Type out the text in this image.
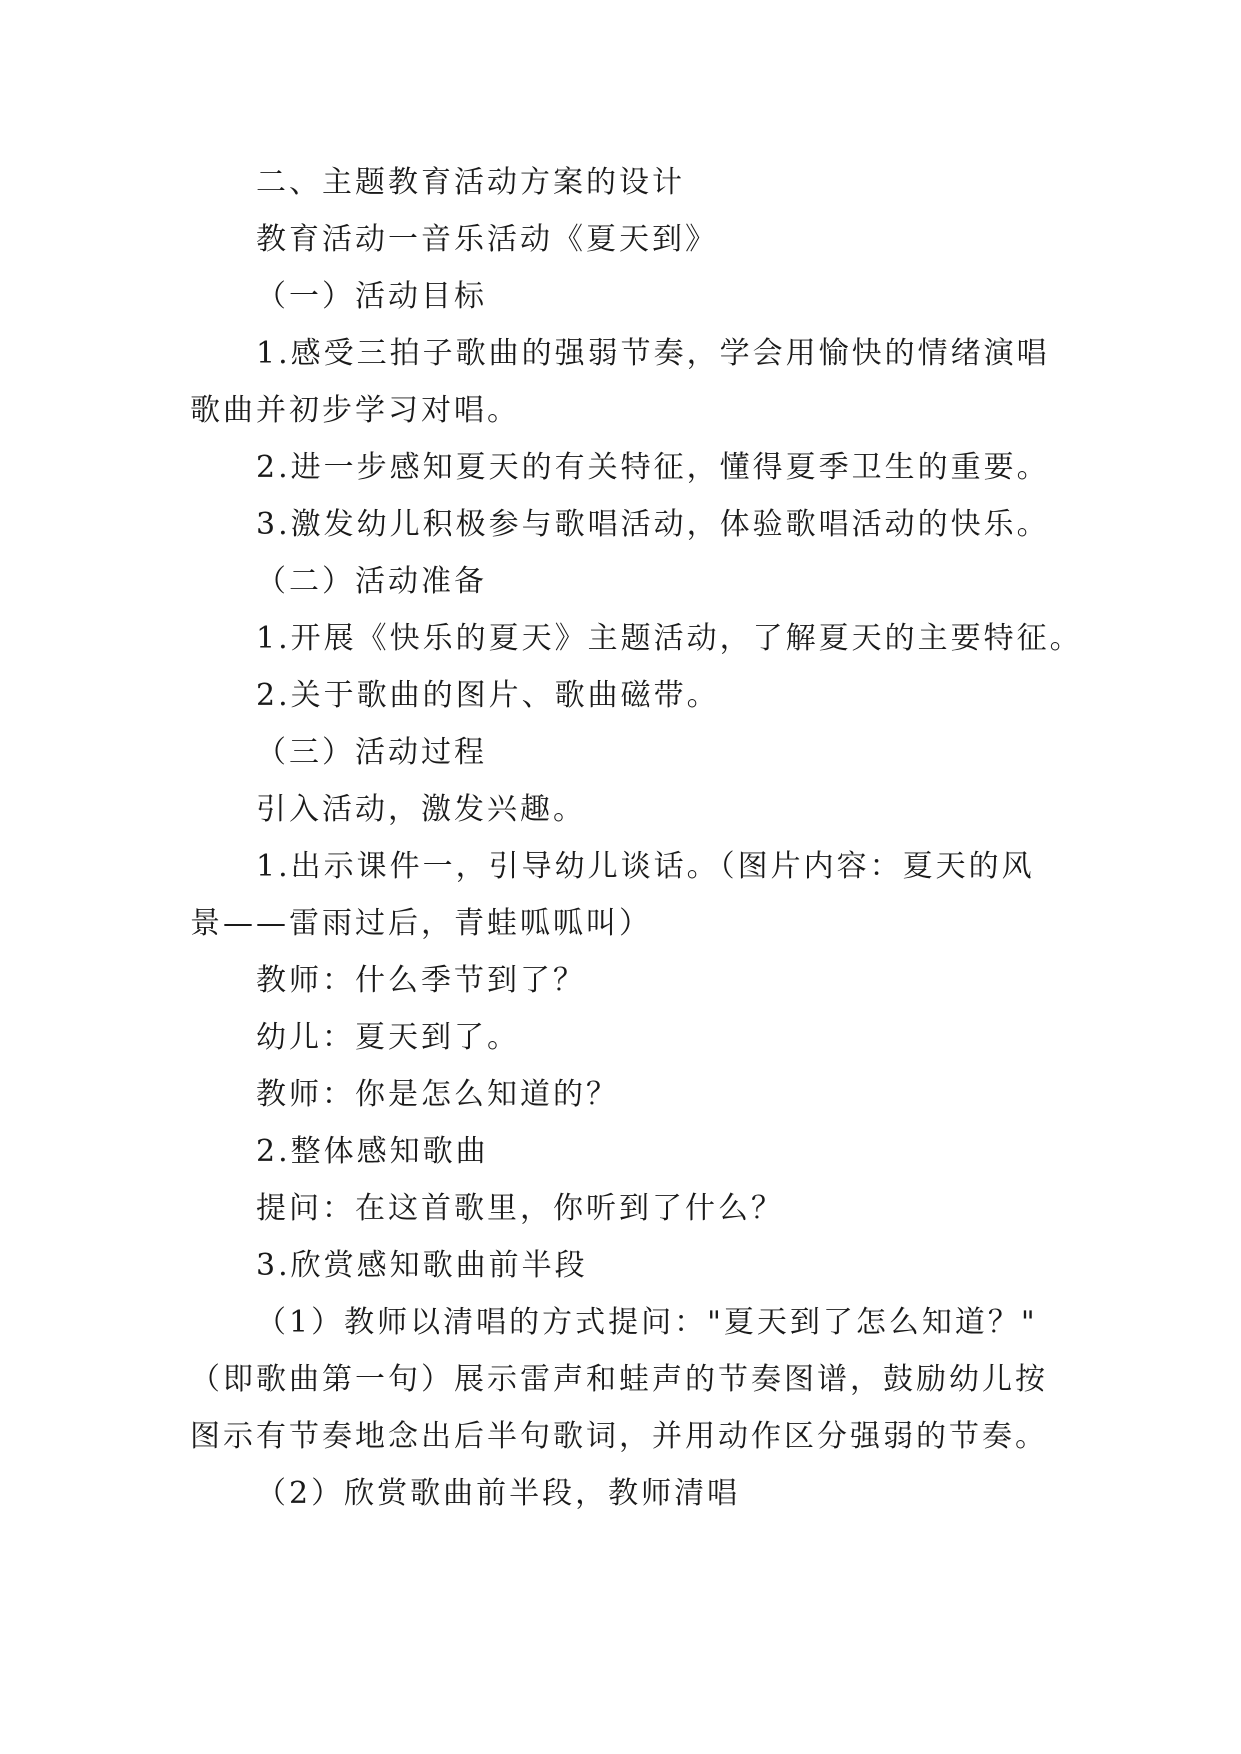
二、主题教育活动方案的设计

教育活动一音乐活动《夏天到》

（一）活动目标

1.感受三拍子歌曲的强弱节奏，学会用愉快的情绪演唱

歌曲并初步学习对唱。

2.进一步感知夏天的有关特征，懂得夏季卫生的重要。

3.激发幼儿积极参与歌唱活动，体验歌唱活动的快乐。

（二）活动准备

1.开展《快乐的夏天》主题活动，了解夏天的主要特征。

2.关于歌曲的图片、歌曲磁带。

（三）活动过程

引入活动，激发兴趣。

1.出示课件一，引导幼儿谈话。（图片内容：夏天的风

景——雷雨过后，青蛙呱呱叫）

教师：什么季节到了？

幼儿：夏天到了。

教师：你是怎么知道的？

2.整体感知歌曲

提问：在这首歌里，你听到了什么？

3.欣赏感知歌曲前半段

（1）教师以清唱的方式提问："夏天到了怎么知道？"

（即歌曲第一句）展示雷声和蛙声的节奏图谱，鼓励幼儿按

图示有节奏地念出后半句歌词，并用动作区分强弱的节奏。

（2）欣赏歌曲前半段，教师清唱
